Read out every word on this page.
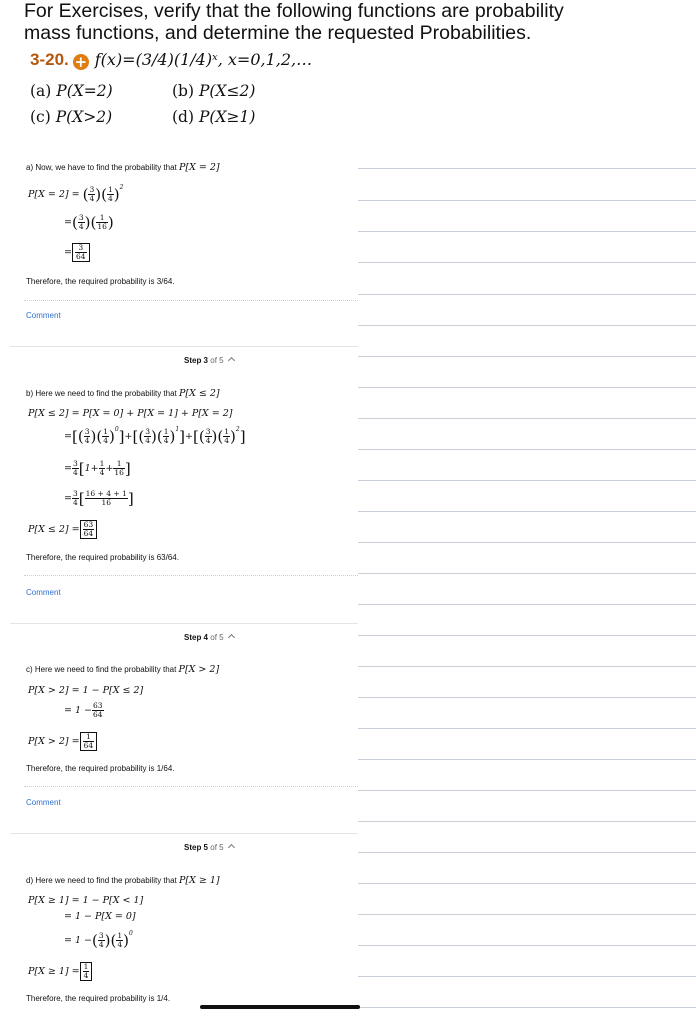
For Exercises, verify that the following functions are probability
mass functions, and determine the requested Probabilities.
3-20. + f(x)=(3/4)(1/4)ˣ, x=0,1,2,…
(a) P(X=2)	(b) P(X≤2)
(c) P(X>2)	(d) P(X≥1)
a) Now, we have to find the probability that P[X = 2]
P[X = 2] = ( $\frac{3}{4}$ )( $\frac{1}{4} )^2$
=( $\frac{3}{4}$ )( $\frac{1}{16}$ )
= $\frac{3}{64}$
Therefore, the required probability is 3/64.
Comment
Step 3 of 5
b) Here we need to find the probability that P[X ≤ 2]
P[X ≤ 2] = P[X = 0] + P[X = 1] + P[X = 2]
=[( $\frac{3}{4}$ )( $\frac{1}{4} )^0]+[( \frac{3}{4}$ )( $\frac{1}{4} )^1]+[( \frac{3}{4}$ )( $\frac{1}{4} )^2$]
= $\frac{3}{4} [1+ \frac{1}{4} + \frac{1}{16}$ ]
= $\frac{3}{4}$ [ $\frac{16 + 4 + 1}{16}$ ]
$P[X \le 2] = \frac{63}{64}$
Therefore, the required probability is 63/64.
Comment
Step 4 of 5
c) Here we need to find the probability that P[X > 2]
P[X > 2] = 1 − P[X ≤ 2]
= $1 - \frac{63}{64}$
$P[X > 2] = \frac{1}{64}$
Therefore, the required probability is 1/64.
Comment
Step 5 of 5
d) Here we need to find the probability that P[X ≥ 1]
P[X ≥ 1] = 1 − P[X < 1]
= 1 − P[X = 0]
= 1 −( $\frac{3}{4}$ )( $\frac{1}{4} )^0$
$P[X \ge 1] = \frac{1}{4}$
Therefore, the required probability is 1/4.
